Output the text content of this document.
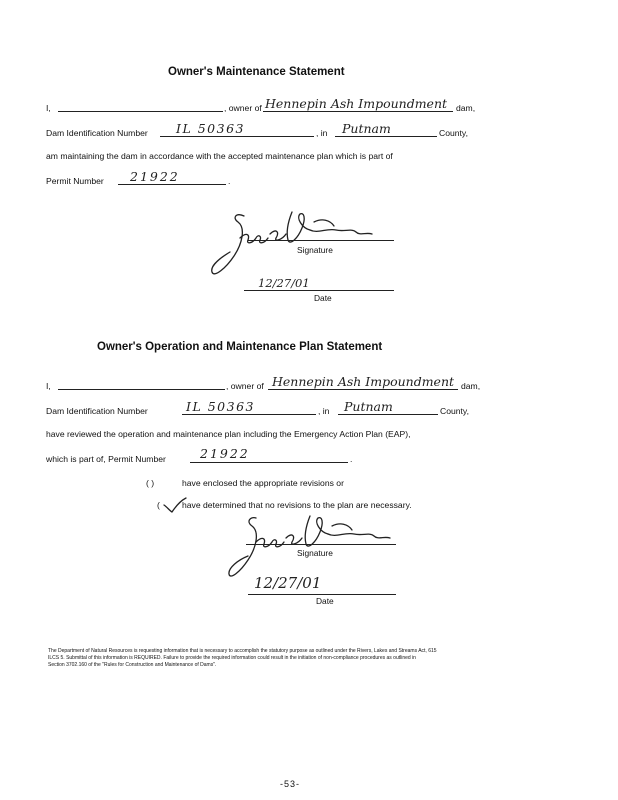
Owner's Maintenance Statement
I,	, owner of Hennepin Ash Impoundment dam,
Dam Identification Number IL 50363	, in Putnam	County,
am maintaining the dam in accordance with the accepted maintenance plan which is part of
Permit Number 21922	.
Signature
12/27/01
Date
Owner's Operation and Maintenance Plan Statement
I,	, owner of Hennepin Ash Impoundment dam,
Dam Identification Number	IL 50363	, in Putnam	County,
have reviewed the operation and maintenance plan including the Emergency Action Plan (EAP),
which is part of, Permit Number	21922	.
( )	have enclosed the appropriate revisions or
(	have determined that no revisions to the plan are necessary.
Signature
12/27/01
Date
The Department of Natural Resources is requesting information that is necessary to accomplish the statutory purpose as outlined under the Rivers, Lakes and Streams Act, 615
ILCS 5. Submittal of this information is REQUIRED. Failure to provide the required information could result in the initiation of non-compliance procedures as outlined in
Section 3702.160 of the "Rules for Construction and Maintenance of Dams".
-53-
